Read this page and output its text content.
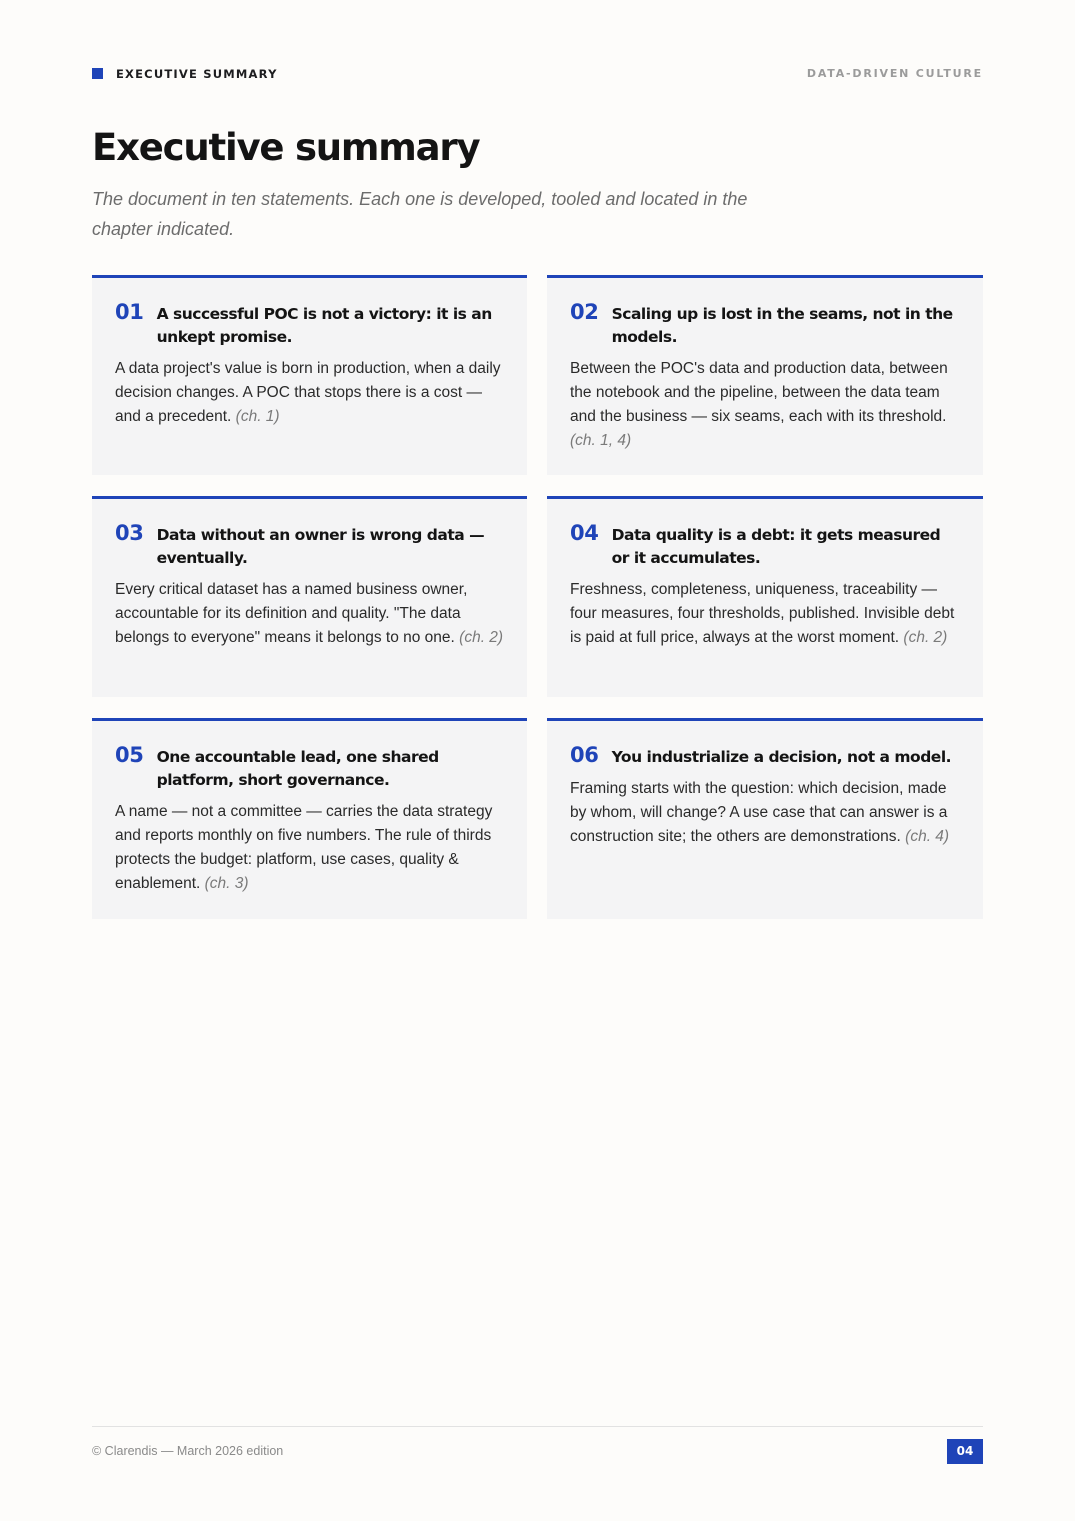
EXECUTIVE SUMMARY	DATA-DRIVEN CULTURE
Executive summary

The document in ten statements. Each one is developed, tooled and located in the chapter indicated.

01 A successful POC is not a victory: it is an unkept promise.
A data project's value is born in production, when a daily decision changes. A POC that stops there is a cost — and a precedent. (ch. 1)
02 Scaling up is lost in the seams, not in the models.
Between the POC's data and production data, between the notebook and the pipeline, between the data team and the business — six seams, each with its threshold. (ch. 1, 4)
03 Data without an owner is wrong data — eventually.
Every critical dataset has a named business owner, accountable for its definition and quality. "The data belongs to everyone" means it belongs to no one. (ch. 2)
04 Data quality is a debt: it gets measured or it accumulates.
Freshness, completeness, uniqueness, traceability — four measures, four thresholds, published. Invisible debt is paid at full price, always at the worst moment. (ch. 2)
05 One accountable lead, one shared platform, short governance.
A name — not a committee — carries the data strategy and reports monthly on five numbers. The rule of thirds protects the budget: platform, use cases, quality & enablement. (ch. 3)
06 You industrialize a decision, not a model.
Framing starts with the question: which decision, made by whom, will change? A use case that can answer is a construction site; the others are demonstrations. (ch. 4)
© Clarendis — March 2026 edition	04
